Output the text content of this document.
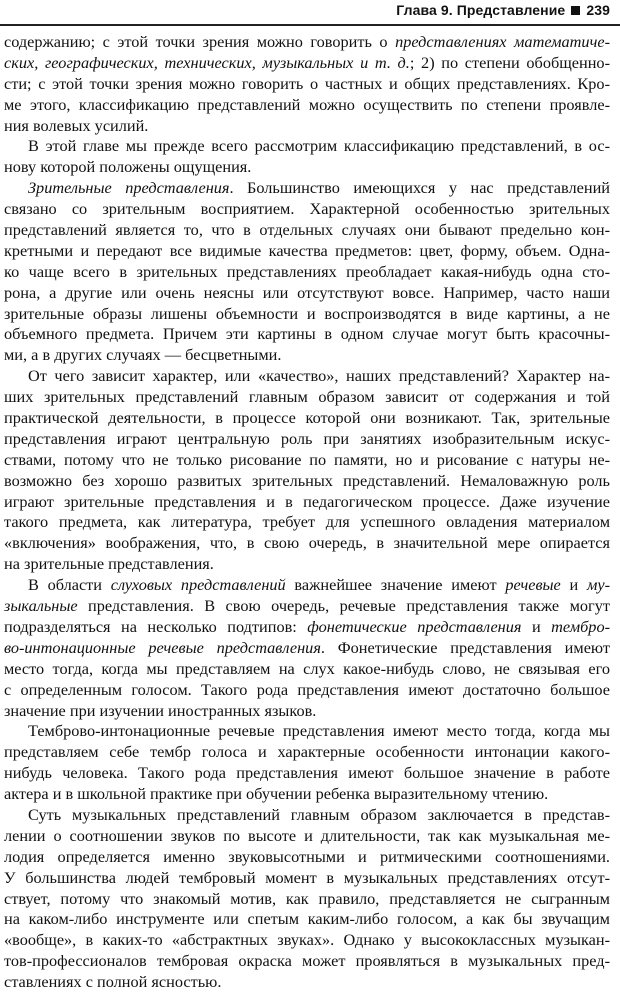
Глава 9. Представление 239
содержанию; с этой точки зрения можно говорить о представлениях математиче-
ских, географических, технических, музыкальных и т. д.; 2) по степени обобщенно-
сти; с этой точки зрения можно говорить о частных и общих представлениях. Кро-
ме этого, классификацию представлений можно осуществить по степени проявле-
ния волевых усилий.
В этой главе мы прежде всего рассмотрим классификацию представлений, в ос-
нову которой положены ощущения.
Зрительные представления. Большинство имеющихся у нас представлений
связано со зрительным восприятием. Характерной особенностью зрительных
представлений является то, что в отдельных случаях они бывают предельно кон-
кретными и передают все видимые качества предметов: цвет, форму, объем. Одна-
ко чаще всего в зрительных представлениях преобладает какая-нибудь одна сто-
рона, а другие или очень неясны или отсутствуют вовсе. Например, часто наши
зрительные образы лишены объемности и воспроизводятся в виде картины, а не
объемного предмета. Причем эти картины в одном случае могут быть красочны-
ми, а в других случаях — бесцветными.
От чего зависит характер, или «качество», наших представлений? Характер на-
ших зрительных представлений главным образом зависит от содержания и той
практической деятельности, в процессе которой они возникают. Так, зрительные
представления играют центральную роль при занятиях изобразительным искус-
ствами, потому что не только рисование по памяти, но и рисование с натуры не-
возможно без хорошо развитых зрительных представлений. Немаловажную роль
играют зрительные представления и в педагогическом процессе. Даже изучение
такого предмета, как литература, требует для успешного овладения материалом
«включения» воображения, что, в свою очередь, в значительной мере опирается
на зрительные представления.
В области слуховых представлений важнейшее значение имеют речевые и му-
зыкальные представления. В свою очередь, речевые представления также могут
подразделяться на несколько подтипов: фонетические представления и тембро-
во-интонационные речевые представления. Фонетические представления имеют
место тогда, когда мы представляем на слух какое-нибудь слово, не связывая его
с определенным голосом. Такого рода представления имеют достаточно большое
значение при изучении иностранных языков.
Темброво-интонационные речевые представления имеют место тогда, когда мы
представляем себе тембр голоса и характерные особенности интонации какого-
нибудь человека. Такого рода представления имеют большое значение в работе
актера и в школьной практике при обучении ребенка выразительному чтению.
Суть музыкальных представлений главным образом заключается в представ-
лении о соотношении звуков по высоте и длительности, так как музыкальная ме-
лодия определяется именно звуковысотными и ритмическими соотношениями.
У большинства людей тембровый момент в музыкальных представлениях отсут-
ствует, потому что знакомый мотив, как правило, представляется не сыгранным
на каком-либо инструменте или спетым каким-либо голосом, а как бы звучащим
«вообще», в каких-то «абстрактных звуках». Однако у высококлассных музыкан-
тов-профессионалов тембровая окраска может проявляться в музыкальных пред-
ставлениях с полной ясностью.
